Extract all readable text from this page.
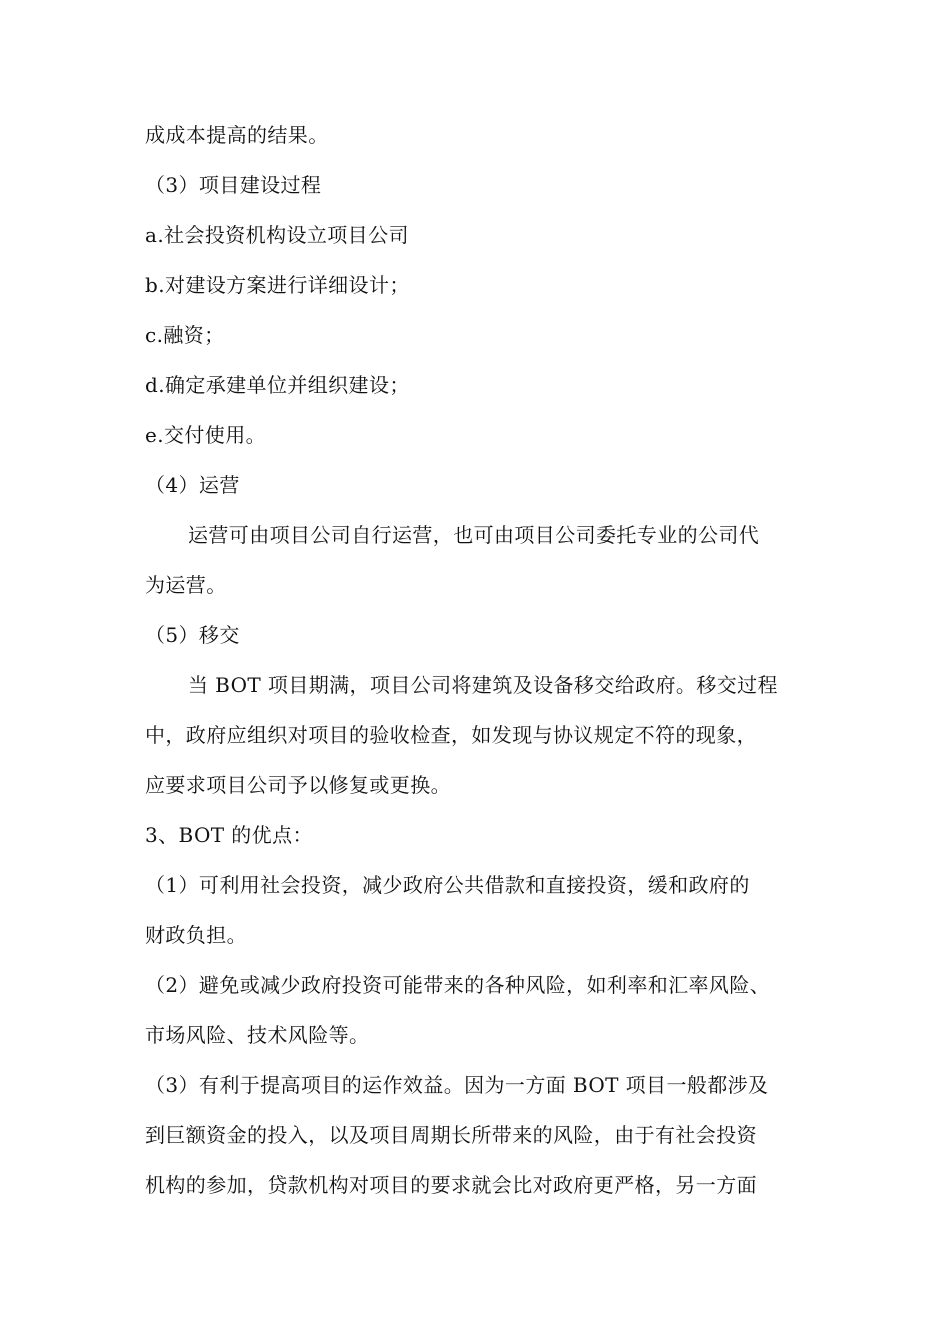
成成本提高的结果。
（3）项目建设过程
a.社会投资机构设立项目公司
b.对建设方案进行详细设计；
c.融资；
d.确定承建单位并组织建设；
e.交付使用。
（4）运营
运营可由项目公司自行运营，也可由项目公司委托专业的公司代
为运营。
（5）移交
当 BOT 项目期满，项目公司将建筑及设备移交给政府。移交过程
中，政府应组织对项目的验收检查，如发现与协议规定不符的现象，
应要求项目公司予以修复或更换。
3、BOT 的优点：
（1）可利用社会投资，减少政府公共借款和直接投资，缓和政府的
财政负担。
（2）避免或减少政府投资可能带来的各种风险，如利率和汇率风险、
市场风险、技术风险等。
（3）有利于提高项目的运作效益。因为一方面 BOT 项目一般都涉及
到巨额资金的投入，以及项目周期长所带来的风险，由于有社会投资
机构的参加，贷款机构对项目的要求就会比对政府更严格，另一方面
